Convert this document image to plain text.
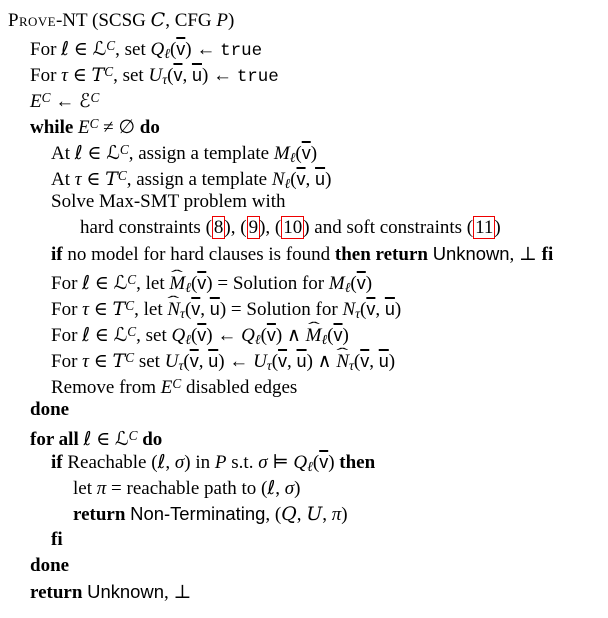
Prove-NT (SCSG C, CFG P)
For ℓ ∈ ℒ$^C$, set $Q\ell(\overline{v})$ ← true
For τ ∈ $T^C$, set $U\tau(\overline{v}$, $\overline{u}$) ← true
$E^C$ ← ℰ$^C$
while $E^C$ ≠ ∅ do
At ℓ ∈ ℒ$^C$, assign a template $M\ell(\overline{v})$
At τ ∈ $T^C$, assign a template $N\ell(\overline{v}$, $\overline{u}$)
Solve Max-SMT problem with
hard constraints ( 8), ( 9), ( 10) and soft constraints ( 11)
if no model for hard clauses is found then return Unknown, ⊥ fi
For ℓ ∈ ℒ$^C$, let M $ˆ\ell(\overline{v})$ = Solution for $M\ell(\overline{v})$
For τ ∈ $T^C$, let N $ˆ\tau(\overline{v}$, $\overline{u}$) = Solution for $N\tau(\overline{v}$, $\overline{u}$)
For ℓ ∈ ℒ$^C$, set $Q\ell(\overline{v})$ ← $Q\ell(\overline{v})$ ∧ M $ˆ\ell(\overline{v})$
For τ ∈ $T^C$ set $U\tau(\overline{v}$, $\overline{u}$) ← $U\tau(\overline{v}$, $\overline{u}$) ∧ N $ˆ\tau(\overline{v}$, $\overline{u}$)
Remove from $E^C$ disabled edges
done
for all ℓ ∈ ℒ$^C$ do
if Reachable (ℓ, σ) in P s.t. σ ⊨ $Q\ell(\overline{v})$ then
let π = reachable path to (ℓ, σ)
return Non-Terminating, (Q, U, π)
fi
done
return Unknown, ⊥
